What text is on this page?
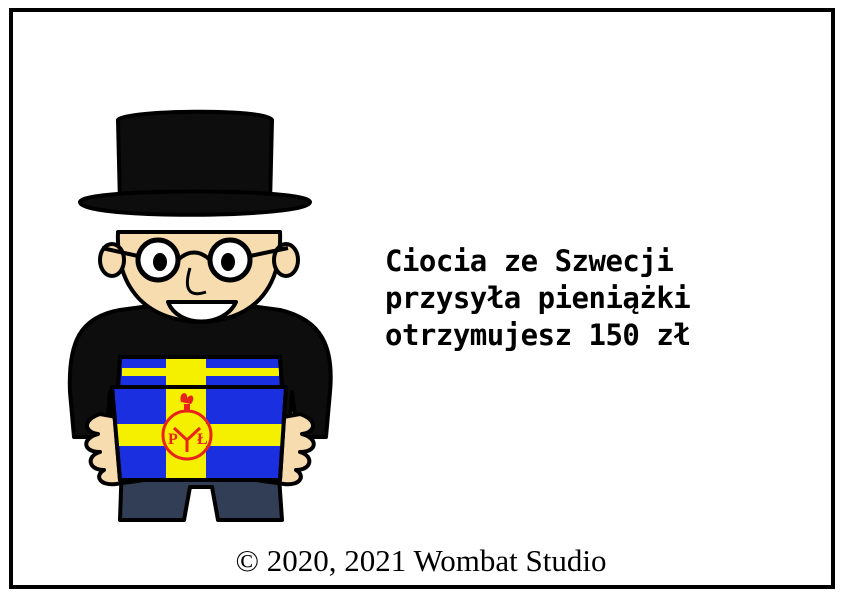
P Ł
Ciocia ze Szwecji
przysyła pieniążki
otrzymujesz 150 zł
© 2020, 2021 Wombat Studio
